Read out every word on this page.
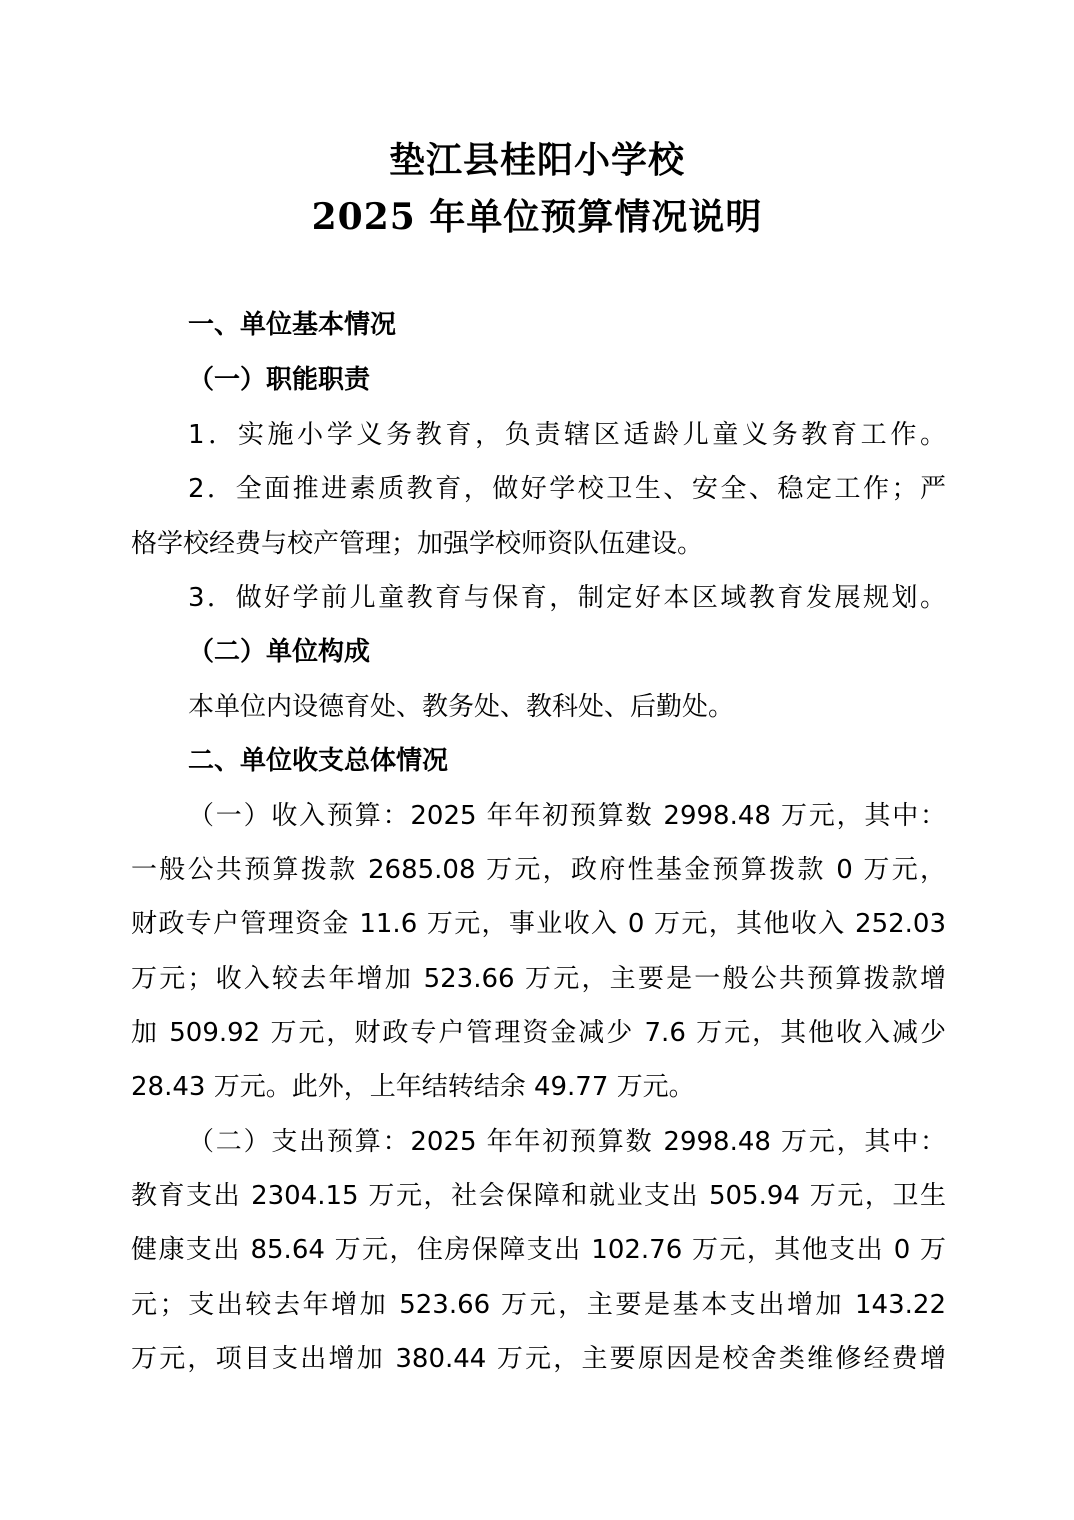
垫江县桂阳小学校
2025 年单位预算情况说明
一、单位基本情况
（一）职能职责
1．实施小学义务教育，负责辖区适龄儿童义务教育工作。
2．全面推进素质教育，做好学校卫生、安全、稳定工作；严
格学校经费与校产管理；加强学校师资队伍建设。
3．做好学前儿童教育与保育，制定好本区域教育发展规划。
（二）单位构成
本单位内设德育处、教务处、教科处、后勤处。
二、单位收支总体情况
（一）收入预算：2025 年年初预算数 2998.48 万元，其中：
一般公共预算拨款 2685.08 万元，政府性基金预算拨款 0 万元，
财政专户管理资金 11.6 万元，事业收入 0 万元，其他收入 252.03
万元；收入较去年增加 523.66 万元，主要是一般公共预算拨款增
加 509.92 万元，财政专户管理资金减少 7.6 万元，其他收入减少
28.43 万元。此外，上年结转结余 49.77 万元。
（二）支出预算：2025 年年初预算数 2998.48 万元，其中：
教育支出 2304.15 万元，社会保障和就业支出 505.94 万元，卫生
健康支出 85.64 万元，住房保障支出 102.76 万元，其他支出 0 万
元；支出较去年增加 523.66 万元，主要是基本支出增加 143.22
万元，项目支出增加 380.44 万元，主要原因是校舍类维修经费增
